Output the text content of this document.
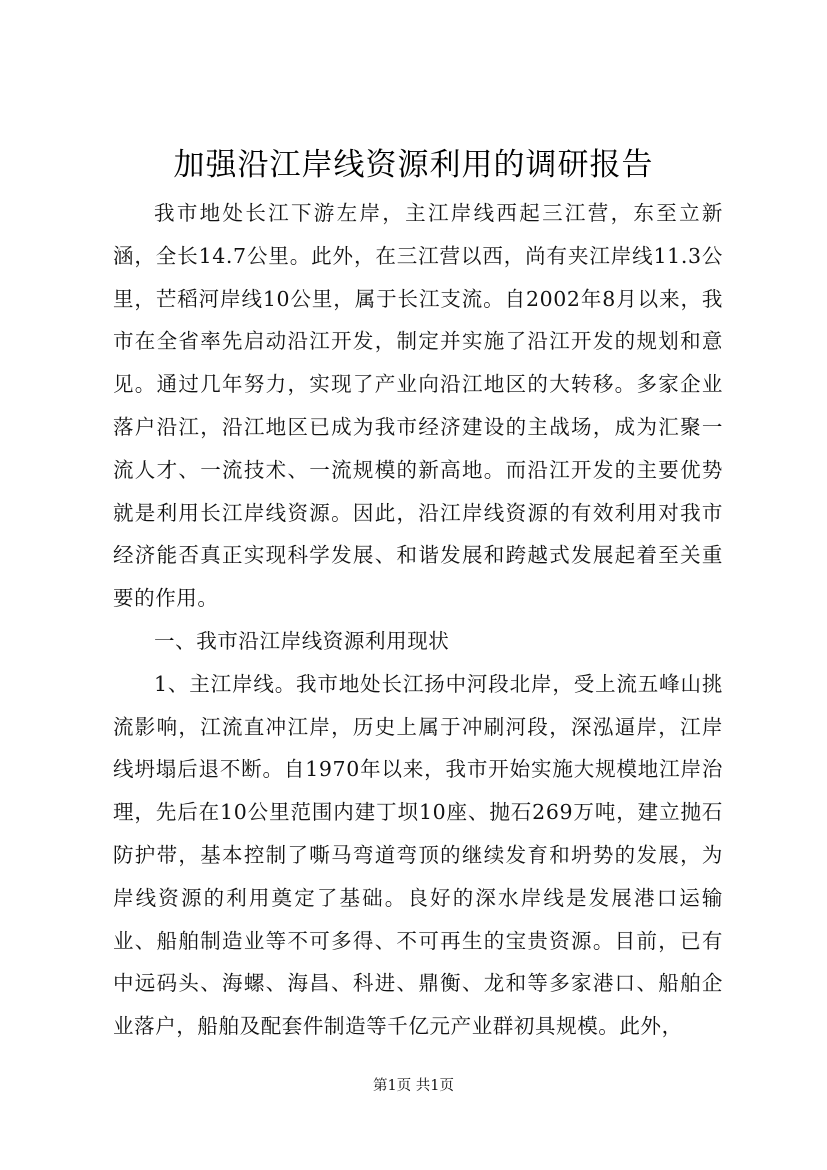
加强沿江岸线资源利用的调研报告

我市地处长江下游左岸，主江岸线西起三江营，东至立新涵，全长14.7公里。此外，在三江营以西，尚有夹江岸线11.3公里，芒稻河岸线10公里，属于长江支流。自2002年8月以来，我市在全省率先启动沿江开发，制定并实施了沿江开发的规划和意见。通过几年努力，实现了产业向沿江地区的大转移。多家企业落户沿江，沿江地区已成为我市经济建设的主战场，成为汇聚一流人才、一流技术、一流规模的新高地。而沿江开发的主要优势就是利用长江岸线资源。因此，沿江岸线资源的有效利用对我市经济能否真正实现科学发展、和谐发展和跨越式发展起着至关重要的作用。

一、我市沿江岸线资源利用现状

1、主江岸线。我市地处长江扬中河段北岸，受上流五峰山挑流影响，江流直冲江岸，历史上属于冲刷河段，深泓逼岸，江岸线坍塌后退不断。自1970年以来，我市开始实施大规模地江岸治理，先后在10公里范围内建丁坝10座、抛石269万吨，建立抛石防护带，基本控制了嘶马弯道弯顶的继续发育和坍势的发展，为岸线资源的利用奠定了基础。良好的深水岸线是发展港口运输业、船舶制造业等不可多得、不可再生的宝贵资源。目前，已有中远码头、海螺、海昌、科进、鼎衡、龙和等多家港口、船舶企业落户，船舶及配套件制造等千亿元产业群初具规模。此外，

第1页 共1页
